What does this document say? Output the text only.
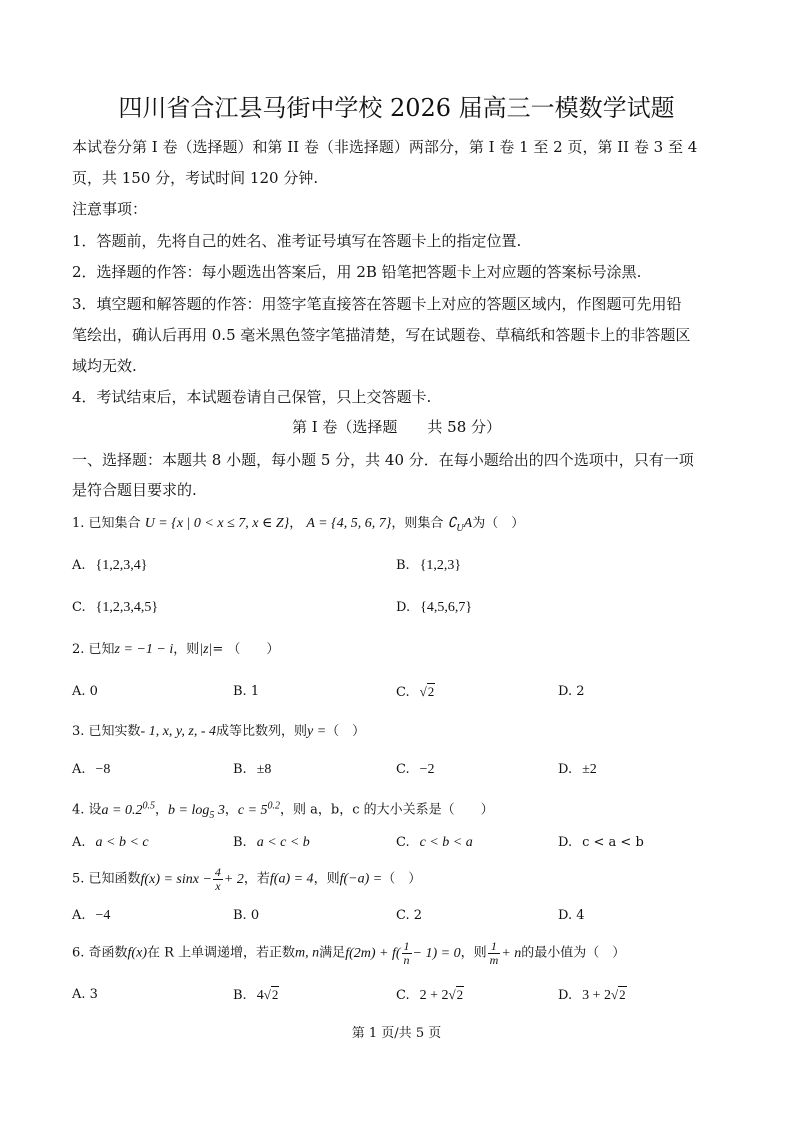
四川省合江县马街中学校 2026 届高三一模数学试题
本试卷分第 I 卷（选择题）和第 II 卷（非选择题）两部分，第 I 卷 1 至 2 页，第 II 卷 3 至 4
页，共 150 分，考试时间 120 分钟.
注意事项：
1．答题前，先将自己的姓名、准考证号填写在答题卡上的指定位置.
2．选择题的作答：每小题选出答案后，用 2B 铅笔把答题卡上对应题的答案标号涂黑.
3．填空题和解答题的作答：用签字笔直接答在答题卡上对应的答题区域内，作图题可先用铅
笔绘出，确认后再用 0.5 毫米黑色签字笔描清楚，写在试题卷、草稿纸和答题卡上的非答题区
域均无效.
4．考试结束后，本试题卷请自己保管，只上交答题卡.
第 I 卷（选择题　　共 58 分）
一、选择题：本题共 8 小题，每小题 5 分，共 40 分．在每小题给出的四个选项中，只有一项
是符合题目要求的.
1. 已知集合 U = {x | 0 < x ≤ 7, x ∈ Z}， A = {4, 5, 6, 7}，则集合 $∁_UA$为（　）
A. {1,2,3,4}	B. {1,2,3}
C. {1,2,3,4,5}	D. {4,5,6,7}
2. 已知z = −1 − i，则|z|= （　　）
A. 0	B. 1	C. √2	D. 2
3. 已知实数- 1, x, y, z, - 4成等比数列，则y =（　）
A. −8	B. ±8	C. −2	D. ±2
4. 设$a = 0.2^{0.5}$，$b = \log_5 3$，$c = 5^{0.2}$，则 a，b，c 的大小关系是（　　）
A. a < b < c	B. a < c < b	C. c < b < a	D. c < a < b
5. 已知函数$f(x) = \sin x - \frac{4}{x} + 2$，若f(a) = 4，则f(−a) =（　）
A. −4	B. 0	C. 2	D. 4
6. 奇函数f(x)在 R 上单调递增，若正数m, n满足$f(2m) + f( \frac{1}{n} - 1) = 0$，则 $\frac{1}{m} + n$的最小值为（　）
A. 3	B. 4√2	C. 2 + 2√2	D. 3 + 2√2
第 1 页/共 5 页
